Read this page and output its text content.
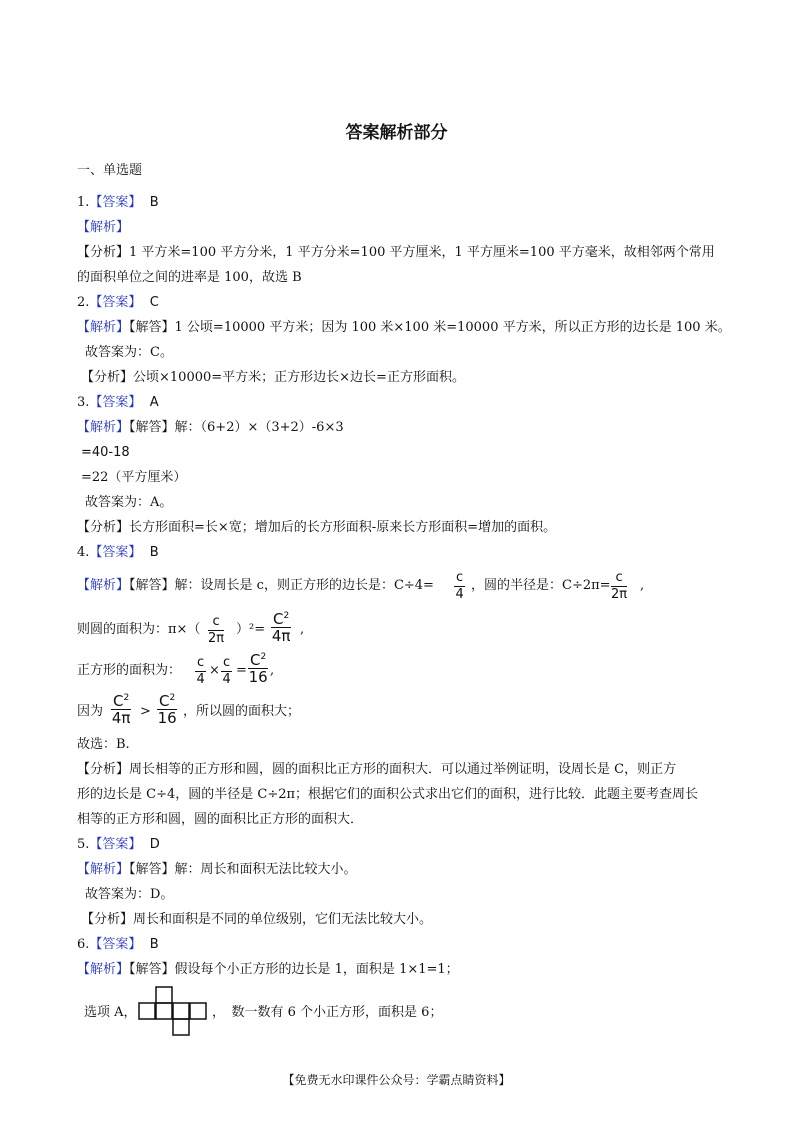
答案解析部分
一、单选题
1.【答案】 B
【解析】
【分析】1 平方米=100 平方分米，1 平方分米=100 平方厘米，1 平方厘米=100 平方毫米，故相邻两个常用
的面积单位之间的进率是 100，故选 B
2.【答案】 C
【解析】【解答】1 公顷=10000 平方米；因为 100 米×100 米=10000 平方米，所以正方形的边长是 100 米。
故答案为：C。
【分析】公顷×10000=平方米；正方形边长×边长=正方形面积。
3.【答案】 A
【解析】【解答】解：（6+2）×（3+2）-6×3
=40-18
=22（平方厘米）
故答案为：A。
【分析】长方形面积=长×宽；增加后的长方形面积-原来长方形面积=增加的面积。
4.【答案】 B
【解析】【解答】解：设周长是 c，则正方形的边长是：$C\div 4= \frac{c}{4}$ ，圆的半径是：$C\div 2\pi= \frac{c}{2\pi}$ ,
则圆的面积为：$\pi\times( \frac{c}{2\pi} )^2= \frac{C^2}{4\pi}$ ,
正方形的面积为： $\frac{c}{4} \times \frac{c}{4} = \frac{C^2}{16}$ ,
因为 $\frac{C^2}{4\pi} > \frac{C^2}{16}$ ，所以圆的面积大；
故选：B.
【分析】周长相等的正方形和圆，圆的面积比正方形的面积大．可以通过举例证明，设周长是 C，则正方
形的边长是 C÷4，圆的半径是 C÷2π；根据它们的面积公式求出它们的面积，进行比较．此题主要考查周长
相等的正方形和圆，圆的面积比正方形的面积大．
5.【答案】 D
【解析】【解答】解：周长和面积无法比较大小。
故答案为：D。
【分析】周长和面积是不同的单位级别，它们无法比较大小。
6.【答案】 B
【解析】【解答】假设每个小正方形的边长是 1，面积是 1×1=1；
选项 A，	，　数一数有 6 个小正方形，面积是 6；
【免费无水印课件公众号：学霸点睛资料】
